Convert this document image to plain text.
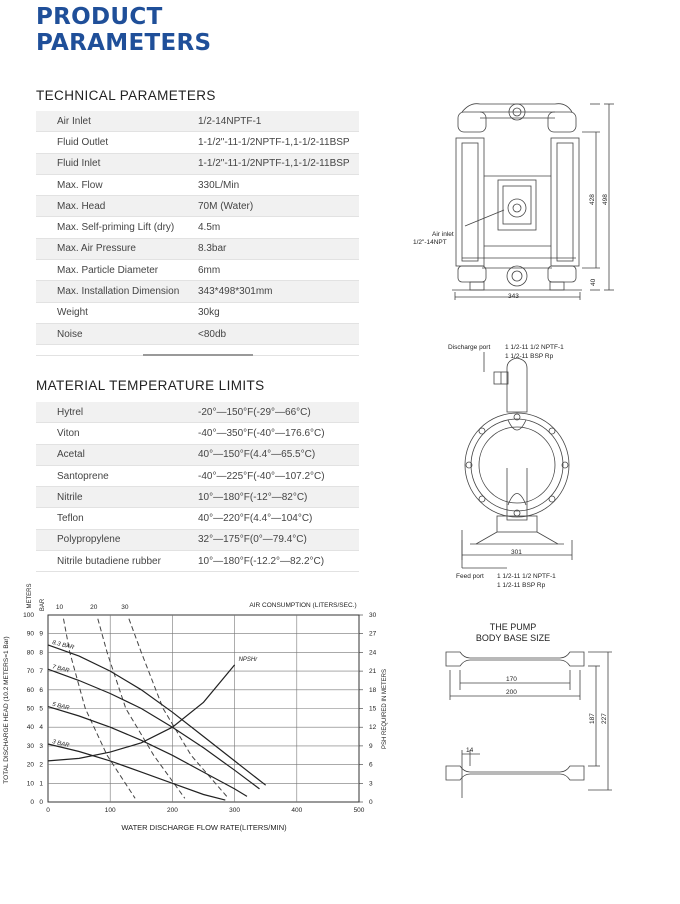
PRODUCT
PARAMETERS
TECHNICAL PARAMETERS
Air Inlet	1/2-14NPTF-1
Fluid Outlet	1-1/2"-11-1/2NPTF-1,1-1/2-11BSP
Fluid Inlet	1-1/2"-11-1/2NPTF-1,1-1/2-11BSP
Max. Flow	330L/Min
Max. Head	70M (Water)
Max. Self-priming Lift (dry)	4.5m
Max. Air Pressure	8.3bar
Max. Particle Diameter	6mm
Max. Installation Dimension	343*498*301mm
Weight	30kg
Noise	<80db
MATERIAL TEMPERATURE LIMITS
Hytrel	-20°—150°F(-29°—66°C)
Viton	-40°—350°F(-40°—176.6°C)
Acetal	40°—150°F(4.4°—65.5°C)
Santoprene	-40°—225°F(-40°—107.2°C)
Nitrile	10°—180°F(-12°—82°C)
Teflon	40°—220°F(4.4°—104°C)
Polypropylene	32°—175°F(0°—79.4°C)
Nitrile butadiene rubber	10°—180°F(-12.2°—82.2°C)
Air inlet
1/2"-14NPT
343
428 498
40
Discharge port 1 1/2-11 1/2 NPTF-1
1 1/2-11 BSP Rp
301
Feed port 1 1/2-11 1/2 NPTF-1
1 1/2-11 BSP Rp
THE PUMP
BODY BASE SIZE
170
200
187 227
14
0	100	200	300	400	500
0
10
20
30
40
50
60
70
80
90
100
0
1
2
3
4
5
6
7
8
9
0
3
6
9
12
15
18
21
24
27
30
10	20	30
8.3 BAR
7 BAR
5 BAR
3 BAR
NPSHr
AIR CONSUMPTION (LITERS/SEC.)
WATER DISCHARGE FLOW RATE(LITERS/MIN)
TOTAL DISCHARGE HEAD (10.2 METERS=1 Bar)
METERS BAR
PSH REQUIRED IN METERS
